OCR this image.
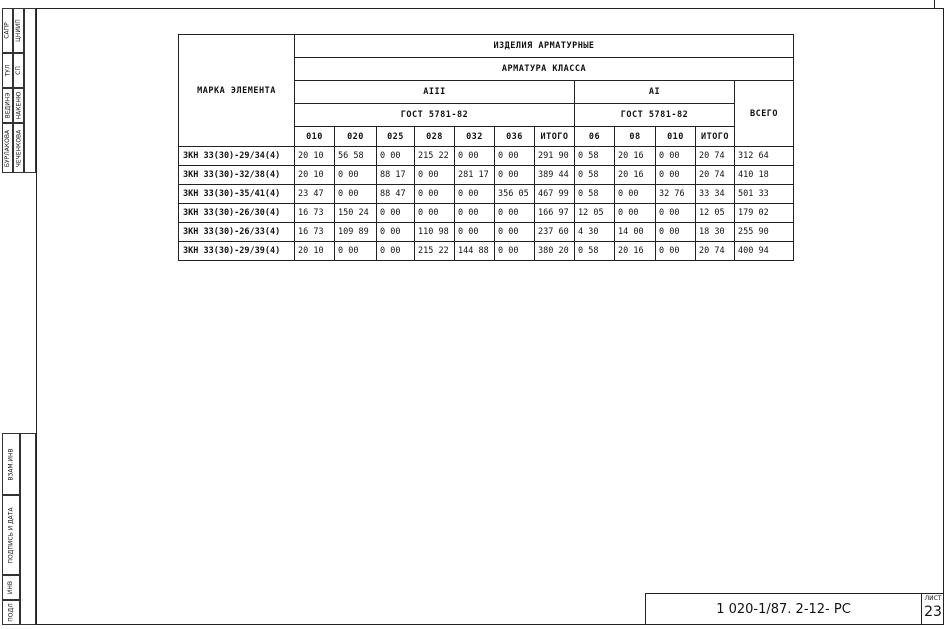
САПР ЦНИИП
ТУЛ СП
ВЕДИНЭ НАКЕНЮ
БУРЛАКОВА ЧЕЧЕНКОВА
ВЗАМ.ИНВ
ПОДПИСЬ И ДАТА
ИНВ
ПОДЛ
МАРКА ЭЛЕМЕНТА	ИЗДЕЛИЯ АРМАТУРНЫЕ											
	АРМАТУРА КЛАССА											
	АIII							АI				ВСЕГО
	ГОСТ 5781-82							ГОСТ 5781-82				
	010	020	025	028	032	036	ИТОГО	06	08	010	ИТОГО	
3КН 33(30)-29/34(4)	20 10	56 58	0 00	215 22	0 00	0 00	291 90	0 58	20 16	0 00	20 74	312 64
3КН 33(30)-32/38(4)	20 10	0 00	88 17	0 00	281 17	0 00	389 44	0 58	20 16	0 00	20 74	410 18
3КН 33(30)-35/41(4)	23 47	0 00	88 47	0 00	0 00	356 05	467 99	0 58	0 00	32 76	33 34	501 33
3КН 33(30)-26/30(4)	16 73	150 24	0 00	0 00	0 00	0 00	166 97	12 05	0 00	0 00	12 05	179 02
3КН 33(30)-26/33(4)	16 73	109 89	0 00	110 98	0 00	0 00	237 60	4 30	14 00	0 00	18 30	255 90
3КН 33(30)-29/39(4)	20 10	0 00	0 00	215 22	144 88	0 00	380 20	0 58	20 16	0 00	20 74	400 94
1 020-1/87. 2-12- РС
ЛИСТ
23
